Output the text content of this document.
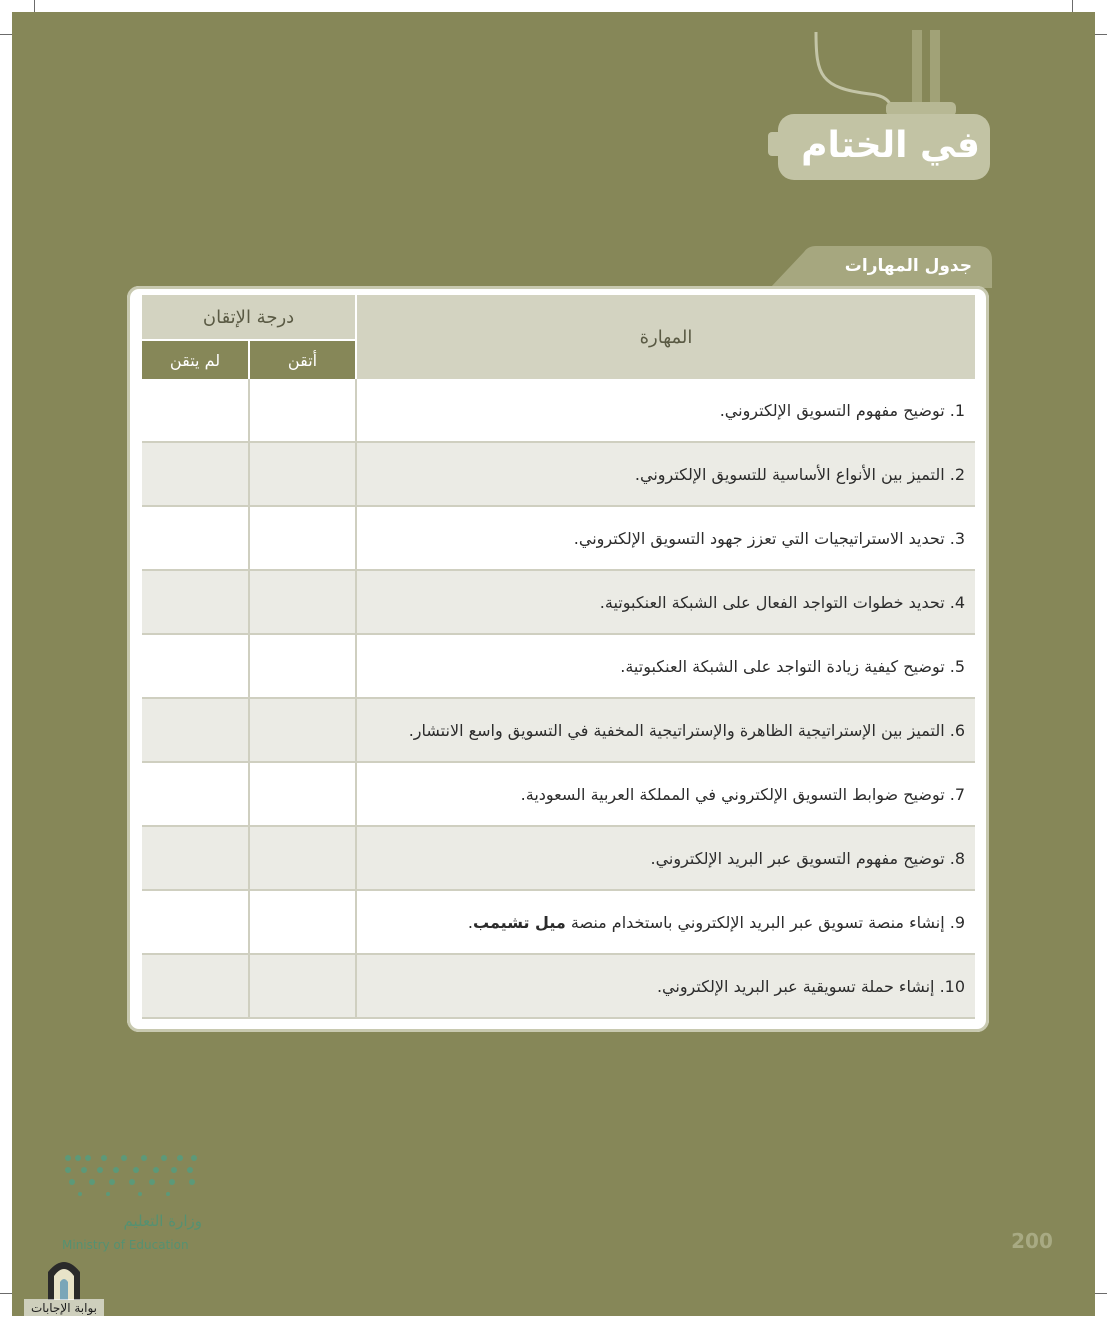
في الختام
جدول المهارات
المهارة	درجة الإتقان	
	أتقن	لم يتقن
1. توضيح مفهوم التسويق الإلكتروني.		
2. التميز بين الأنواع الأساسية للتسويق الإلكتروني.		
3. تحديد الاستراتيجيات التي تعزز جهود التسويق الإلكتروني.		
4. تحديد خطوات التواجد الفعال على الشبكة العنكبوتية.		
5. توضيح كيفية زيادة التواجد على الشبكة العنكبوتية.		
6. التميز بين الإستراتيجية الظاهرة والإستراتيجية المخفية في التسويق واسع الانتشار.		
7. توضيح ضوابط التسويق الإلكتروني في المملكة العربية السعودية.		
8. توضيح مفهوم التسويق عبر البريد الإلكتروني.		
9. إنشاء منصة تسويق عبر البريد الإلكتروني باستخدام منصة ميل تشيمب.		
10. إنشاء حملة تسويقية عبر البريد الإلكتروني.		
200
وزارة التعليم
Ministry of Education
بوابة الإجابات
